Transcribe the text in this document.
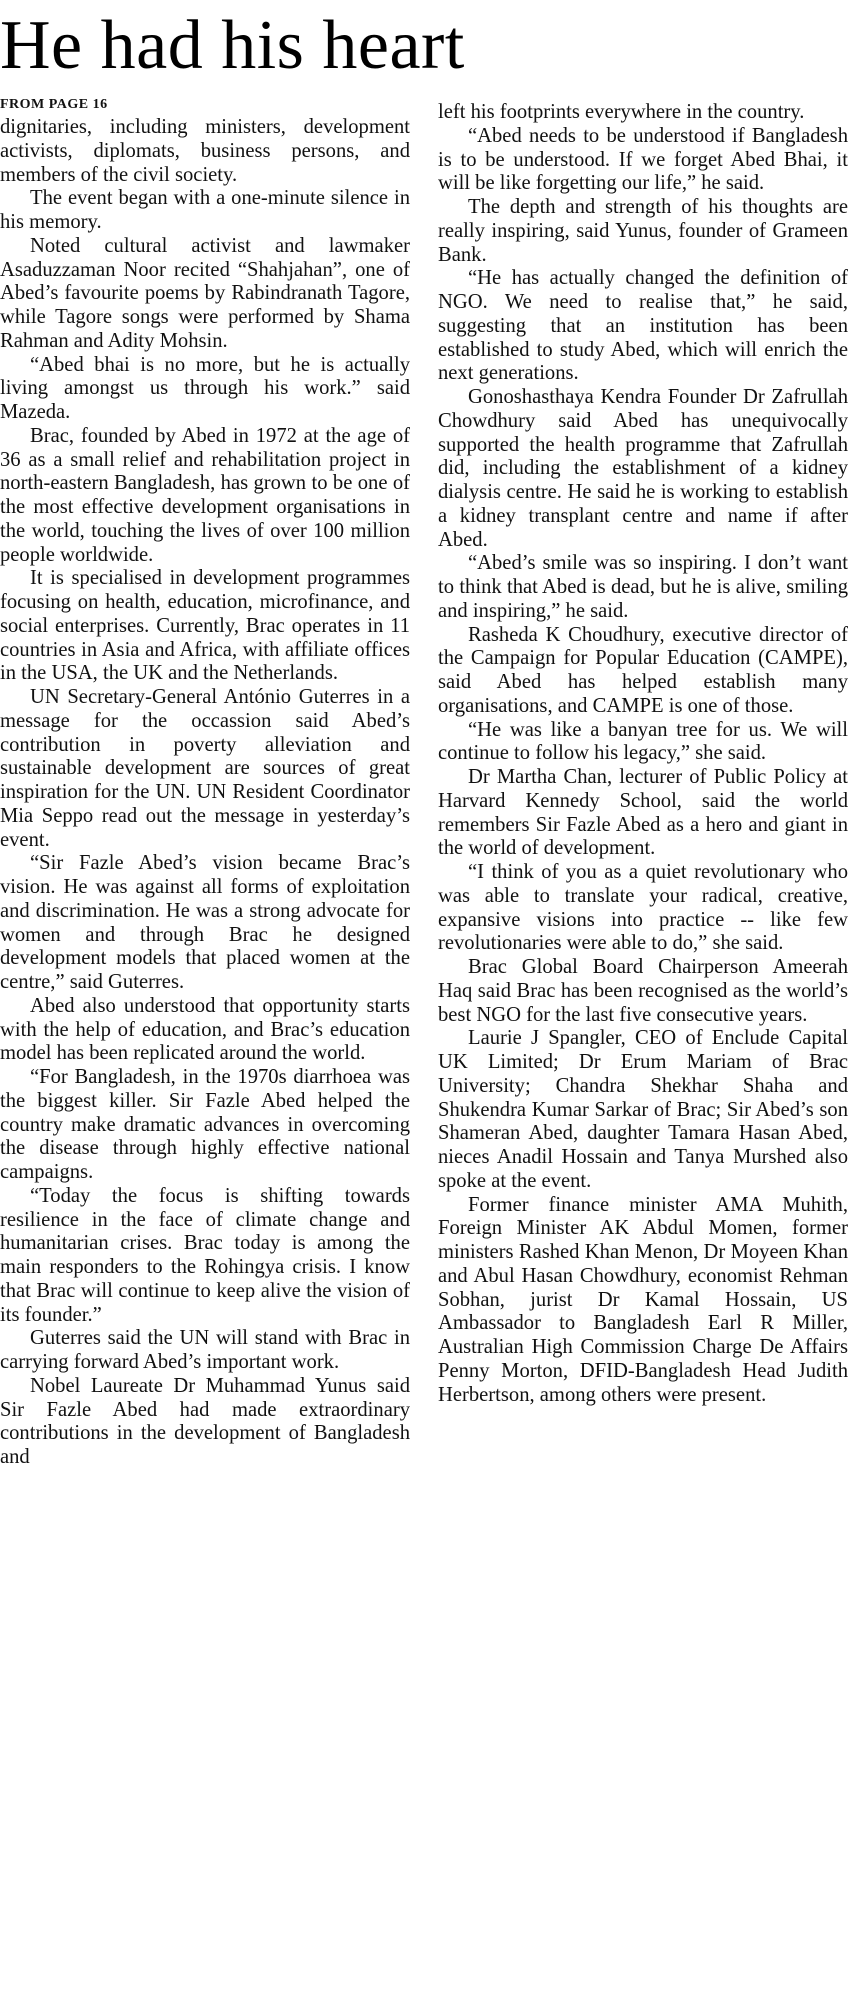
He had his heart
FROM PAGE 16

dignitaries, including ministers, development activists, diplomats, business persons, and members of the civil society.

The event began with a one-minute silence in his memory.

Noted cultural activist and lawmaker Asaduzzaman Noor recited “Shahjahan”, one of Abed’s favourite poems by Rabindranath Tagore, while Tagore songs were performed by Shama Rahman and Adity Mohsin.

“Abed bhai is no more, but he is actually living amongst us through his work.” said Mazeda.

Brac, founded by Abed in 1972 at the age of 36 as a small relief and rehabilitation project in north-eastern Bangladesh, has grown to be one of the most effective development organisations in the world, touching the lives of over 100 million people worldwide.

It is specialised in development programmes focusing on health, education, microfinance, and social enterprises. Currently, Brac operates in 11 countries in Asia and Africa, with affiliate offices in the USA, the UK and the Netherlands.

UN Secretary-General António Guterres in a message for the occassion said Abed’s contribution in poverty alleviation and sustainable development are sources of great inspiration for the UN. UN Resident Coordinator Mia Seppo read out the message in yesterday’s event.

“Sir Fazle Abed’s vision became Brac’s vision. He was against all forms of exploitation and discrimination. He was a strong advocate for women and through Brac he designed development models that placed women at the centre,” said Guterres.

Abed also understood that opportunity starts with the help of education, and Brac’s education model has been replicated around the world.

“For Bangladesh, in the 1970s diarrhoea was the biggest killer. Sir Fazle Abed helped the country make dramatic advances in overcoming the disease through highly effective national campaigns.

“Today the focus is shifting towards resilience in the face of climate change and humanitarian crises. Brac today is among the main responders to the Rohingya crisis. I know that Brac will continue to keep alive the vision of its founder.”

Guterres said the UN will stand with Brac in carrying forward Abed’s important work.

Nobel Laureate Dr Muhammad Yunus said Sir Fazle Abed had made extraordinary contributions in the development of Bangladesh and

left his footprints everywhere in the country.

“Abed needs to be understood if Bangladesh is to be understood. If we forget Abed Bhai, it will be like forgetting our life,” he said.

The depth and strength of his thoughts are really inspiring, said Yunus, founder of Grameen Bank.

“He has actually changed the definition of NGO. We need to realise that,” he said, suggesting that an institution has been established to study Abed, which will enrich the next generations.

Gonoshasthaya Kendra Founder Dr Zafrullah Chowdhury said Abed has unequivocally supported the health programme that Zafrullah did, including the establishment of a kidney dialysis centre. He said he is working to establish a kidney transplant centre and name if after Abed.

“Abed’s smile was so inspiring. I don’t want to think that Abed is dead, but he is alive, smiling and inspiring,” he said.

Rasheda K Choudhury, executive director of the Campaign for Popular Education (CAMPE), said Abed has helped establish many organisations, and CAMPE is one of those.

“He was like a banyan tree for us. We will continue to follow his legacy,” she said.

Dr Martha Chan, lecturer of Public Policy at Harvard Kennedy School, said the world remembers Sir Fazle Abed as a hero and giant in the world of development.

“I think of you as a quiet revolutionary who was able to translate your radical, creative, expansive visions into practice -- like few revolutionaries were able to do,” she said.

Brac Global Board Chairperson Ameerah Haq said Brac has been recognised as the world’s best NGO for the last five consecutive years.

Laurie J Spangler, CEO of Enclude Capital UK Limited; Dr Erum Mariam of Brac University; Chandra Shekhar Shaha and Shukendra Kumar Sarkar of Brac; Sir Abed’s son Shameran Abed, daughter Tamara Hasan Abed, nieces Anadil Hossain and Tanya Murshed also spoke at the event.

Former finance minister AMA Muhith, Foreign Minister AK Abdul Momen, former ministers Rashed Khan Menon, Dr Moyeen Khan and Abul Hasan Chowdhury, economist Rehman Sobhan, jurist Dr Kamal Hossain, US Ambassador to Bangladesh Earl R Miller, Australian High Commission Charge De Affairs Penny Morton, DFID-Bangladesh Head Judith Herbertson, among others were present.
